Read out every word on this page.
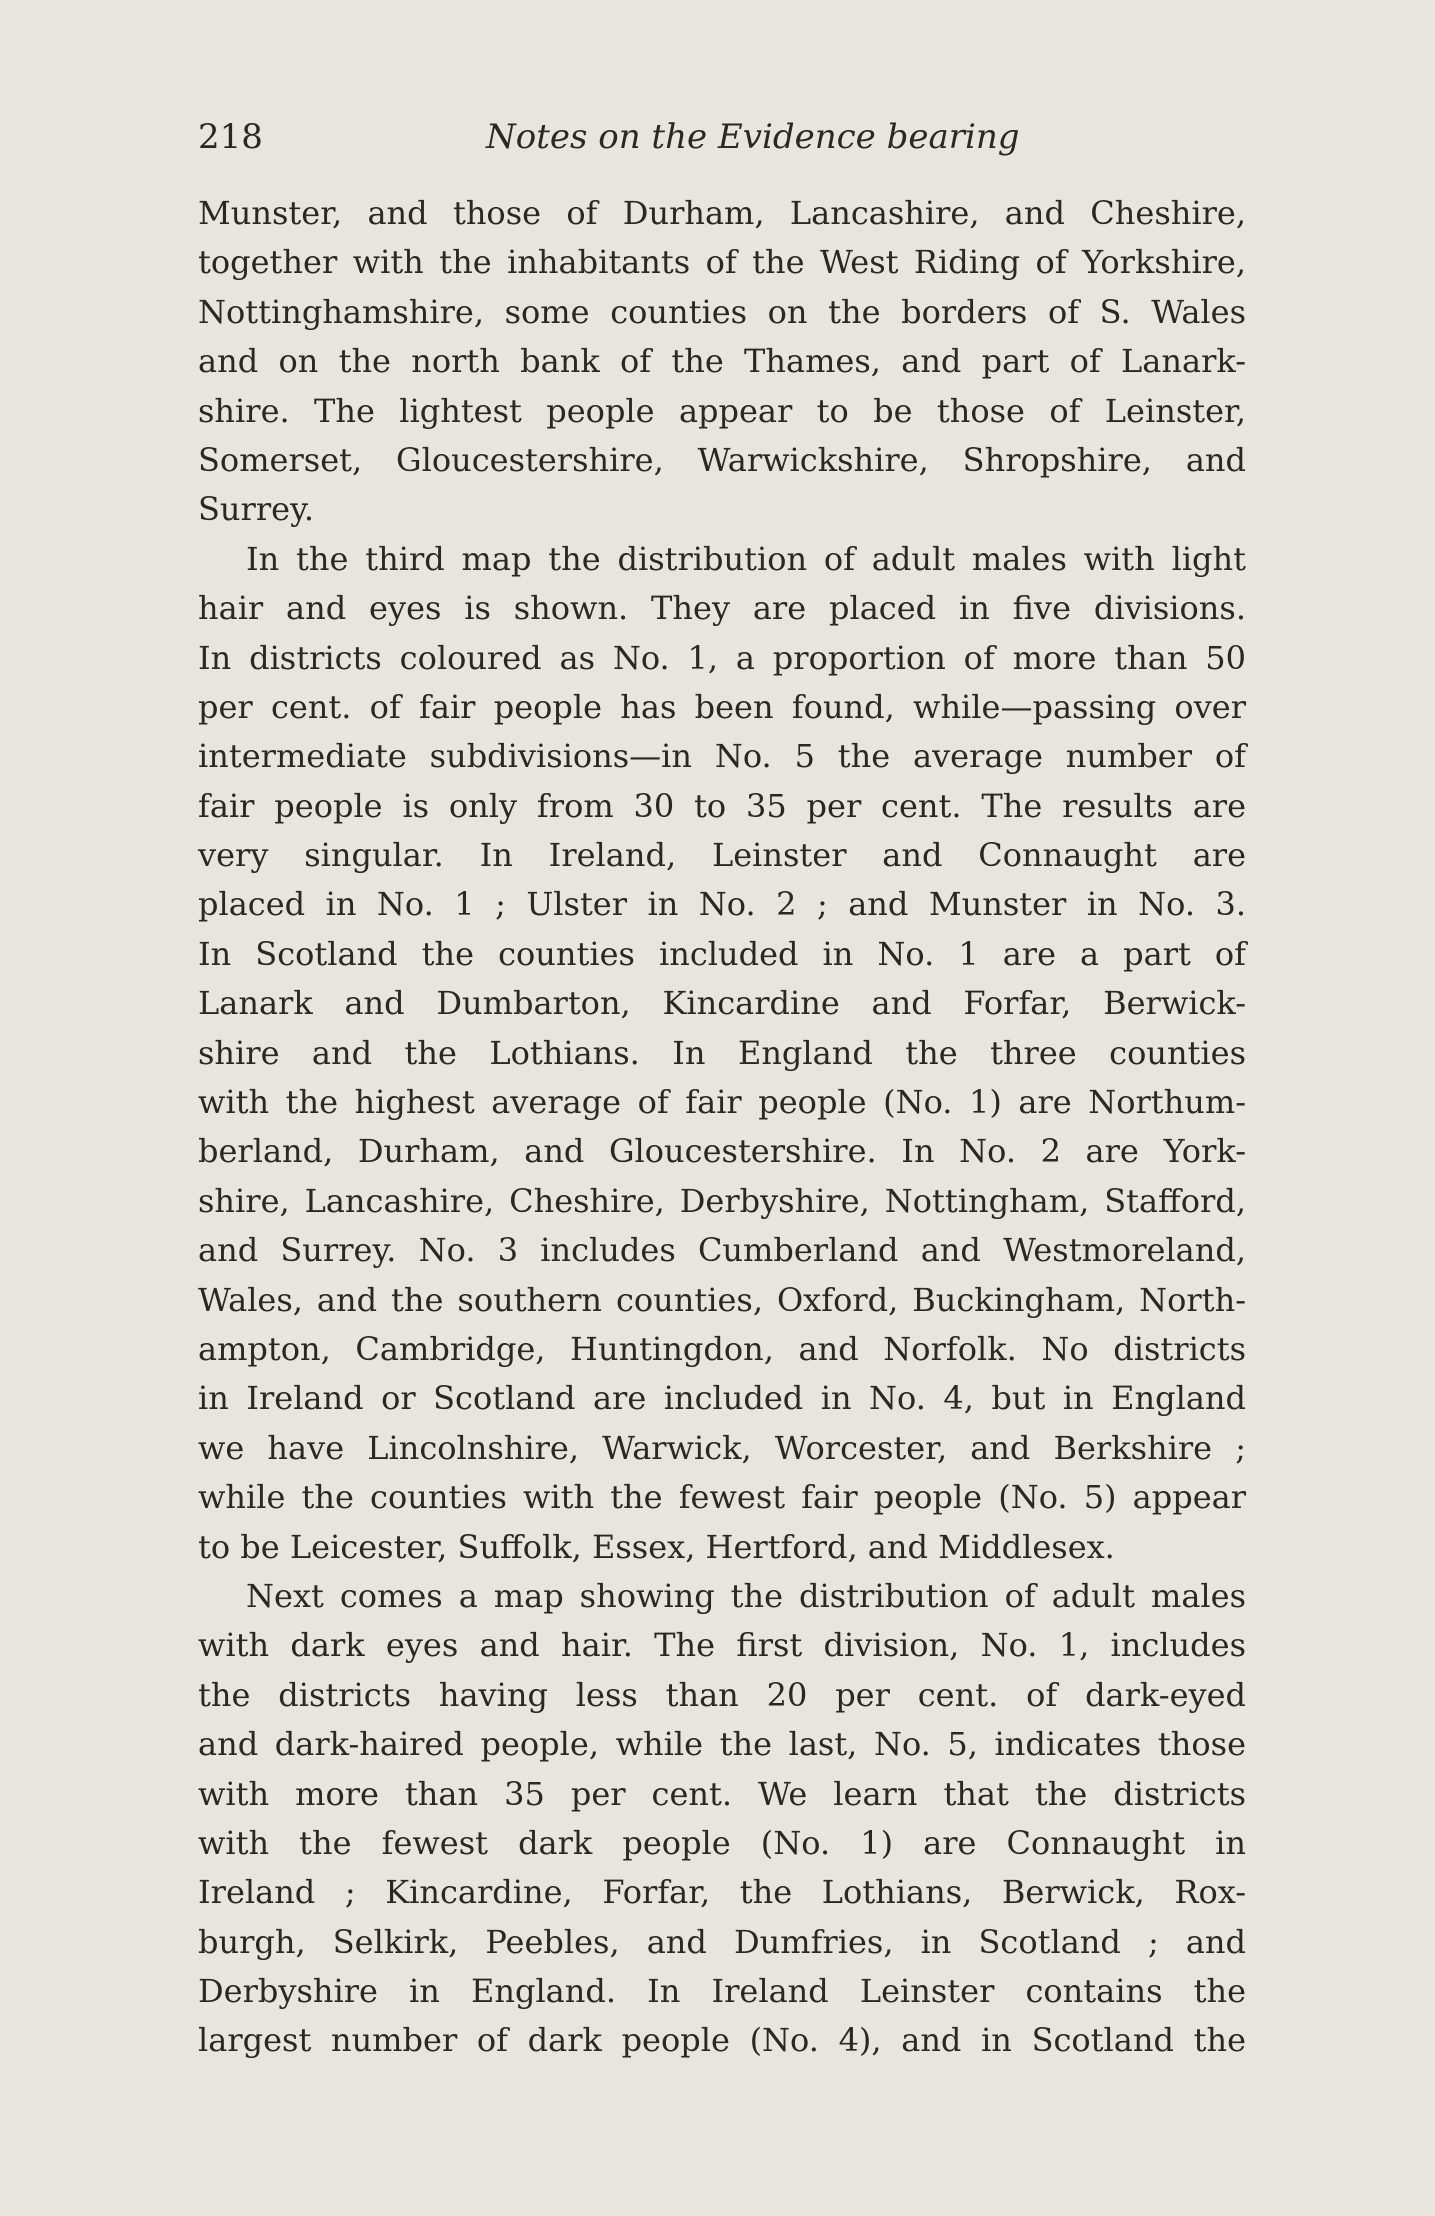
218	Notes on the Evidence bearing
Munster, and those of Durham, Lancashire, and Cheshire,
together with the inhabitants of the West Riding of Yorkshire,
Nottinghamshire, some counties on the borders of S. Wales
and on the north bank of the Thames, and part of Lanark-
shire. The lightest people appear to be those of Leinster,
Somerset, Gloucestershire, Warwickshire, Shropshire, and
Surrey.
In the third map the distribution of adult males with light
hair and eyes is shown. They are placed in five divisions.
In districts coloured as No. 1, a proportion of more than 50
per cent. of fair people has been found, while—passing over
intermediate subdivisions—in No. 5 the average number of
fair people is only from 30 to 35 per cent. The results are
very singular. In Ireland, Leinster and Connaught are
placed in No. 1 ; Ulster in No. 2 ; and Munster in No. 3.
In Scotland the counties included in No. 1 are a part of
Lanark and Dumbarton, Kincardine and Forfar, Berwick-
shire and the Lothians. In England the three counties
with the highest average of fair people (No. 1) are Northum-
berland, Durham, and Gloucestershire. In No. 2 are York-
shire, Lancashire, Cheshire, Derbyshire, Nottingham, Stafford,
and Surrey. No. 3 includes Cumberland and Westmoreland,
Wales, and the southern counties, Oxford, Buckingham, North-
ampton, Cambridge, Huntingdon, and Norfolk. No districts
in Ireland or Scotland are included in No. 4, but in England
we have Lincolnshire, Warwick, Worcester, and Berkshire ;
while the counties with the fewest fair people (No. 5) appear
to be Leicester, Suffolk, Essex, Hertford, and Middlesex.
Next comes a map showing the distribution of adult males
with dark eyes and hair. The first division, No. 1, includes
the districts having less than 20 per cent. of dark-eyed
and dark-haired people, while the last, No. 5, indicates those
with more than 35 per cent. We learn that the districts
with the fewest dark people (No. 1) are Connaught in
Ireland ; Kincardine, Forfar, the Lothians, Berwick, Rox-
burgh, Selkirk, Peebles, and Dumfries, in Scotland ; and
Derbyshire in England. In Ireland Leinster contains the
largest number of dark people (No. 4), and in Scotland the
